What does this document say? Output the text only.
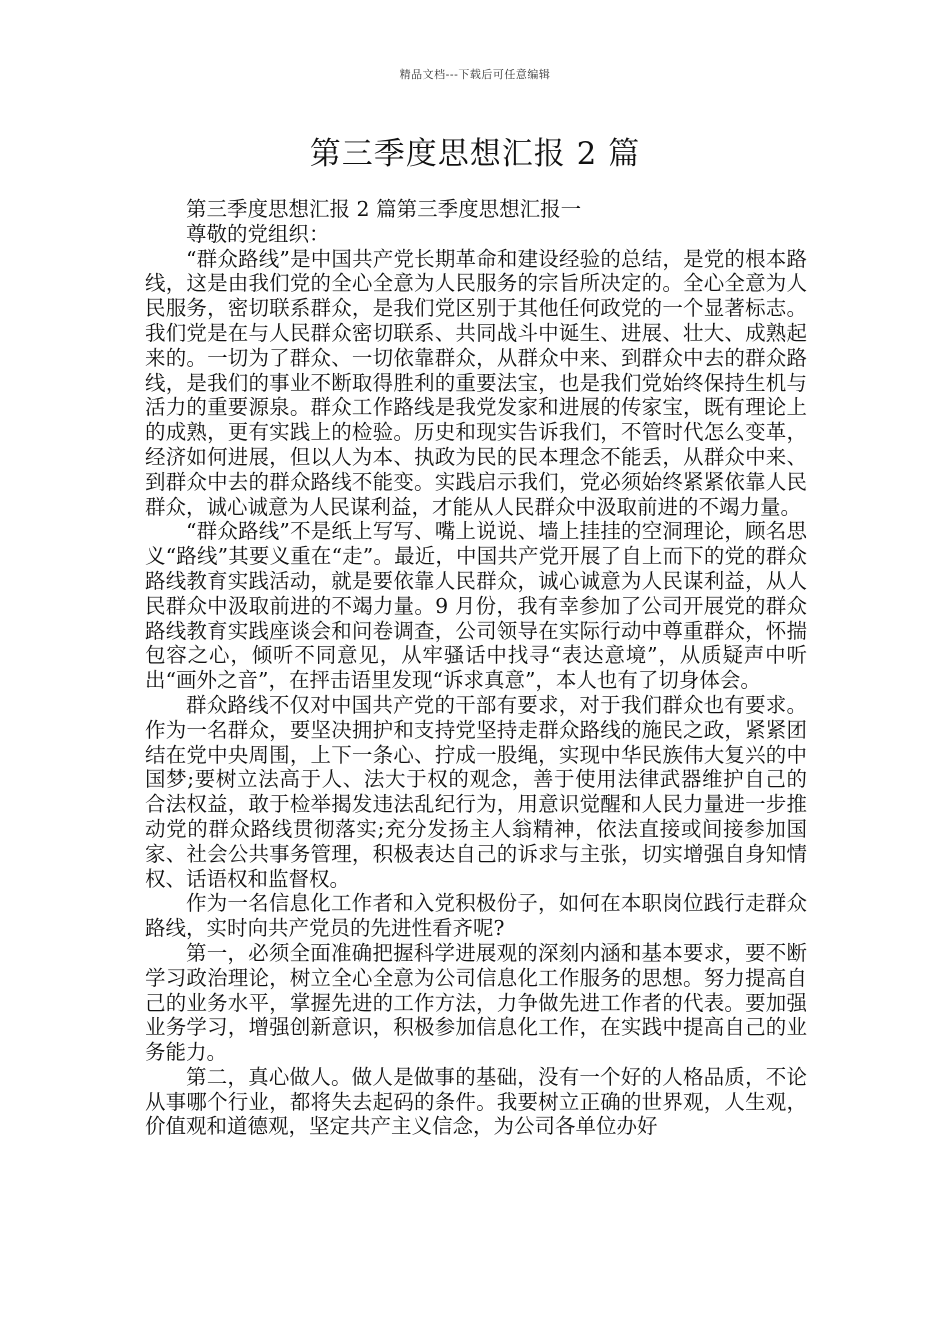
精品文档---下载后可任意编辑
第三季度思想汇报 2 篇

第三季度思想汇报 2 篇第三季度思想汇报一

尊敬的党组织：

“群众路线”是中国共产党长期革命和建设经验的总结，是党的根本路线，这是由我们党的全心全意为人民服务的宗旨所决定的。全心全意为人民服务，密切联系群众，是我们党区别于其他任何政党的一个显著标志。我们党是在与人民群众密切联系、共同战斗中诞生、进展、壮大、成熟起来的。一切为了群众、一切依靠群众，从群众中来、到群众中去的群众路线，是我们的事业不断取得胜利的重要法宝，也是我们党始终保持生机与活力的重要源泉。群众工作路线是我党发家和进展的传家宝，既有理论上的成熟，更有实践上的检验。历史和现实告诉我们，不管时代怎么变革，经济如何进展，但以人为本、执政为民的民本理念不能丢，从群众中来、到群众中去的群众路线不能变。实践启示我们，党必须始终紧紧依靠人民群众，诚心诚意为人民谋利益，才能从人民群众中汲取前进的不竭力量。

“群众路线”不是纸上写写、嘴上说说、墙上挂挂的空洞理论，顾名思义“路线”其要义重在“走”。最近，中国共产党开展了自上而下的党的群众路线教育实践活动，就是要依靠人民群众，诚心诚意为人民谋利益，从人民群众中汲取前进的不竭力量。9 月份，我有幸参加了公司开展党的群众路线教育实践座谈会和问卷调查，公司领导在实际行动中尊重群众，怀揣包容之心，倾听不同意见，从牢骚话中找寻“表达意境”，从质疑声中听出“画外之音”，在抨击语里发现“诉求真意”，本人也有了切身体会。

群众路线不仅对中国共产党的干部有要求，对于我们群众也有要求。作为一名群众，要坚决拥护和支持党坚持走群众路线的施民之政，紧紧团结在党中央周围，上下一条心、拧成一股绳，实现中华民族伟大复兴的中国梦;要树立法高于人、法大于权的观念，善于使用法律武器维护自己的合法权益，敢于检举揭发违法乱纪行为，用意识觉醒和人民力量进一步推动党的群众路线贯彻落实;充分发扬主人翁精神，依法直接或间接参加国家、社会公共事务管理，积极表达自己的诉求与主张，切实增强自身知情权、话语权和监督权。

作为一名信息化工作者和入党积极份子，如何在本职岗位践行走群众路线，实时向共产党员的先进性看齐呢?

第一，必须全面准确把握科学进展观的深刻内涵和基本要求，要不断学习政治理论，树立全心全意为公司信息化工作服务的思想。努力提高自己的业务水平，掌握先进的工作方法，力争做先进工作者的代表。要加强业务学习，增强创新意识，积极参加信息化工作，在实践中提高自己的业务能力。

第二，真心做人。做人是做事的基础，没有一个好的人格品质，不论从事哪个行业，都将失去起码的条件。我要树立正确的世界观，人生观，价值观和道德观，坚定共产主义信念，为公司各单位办好
